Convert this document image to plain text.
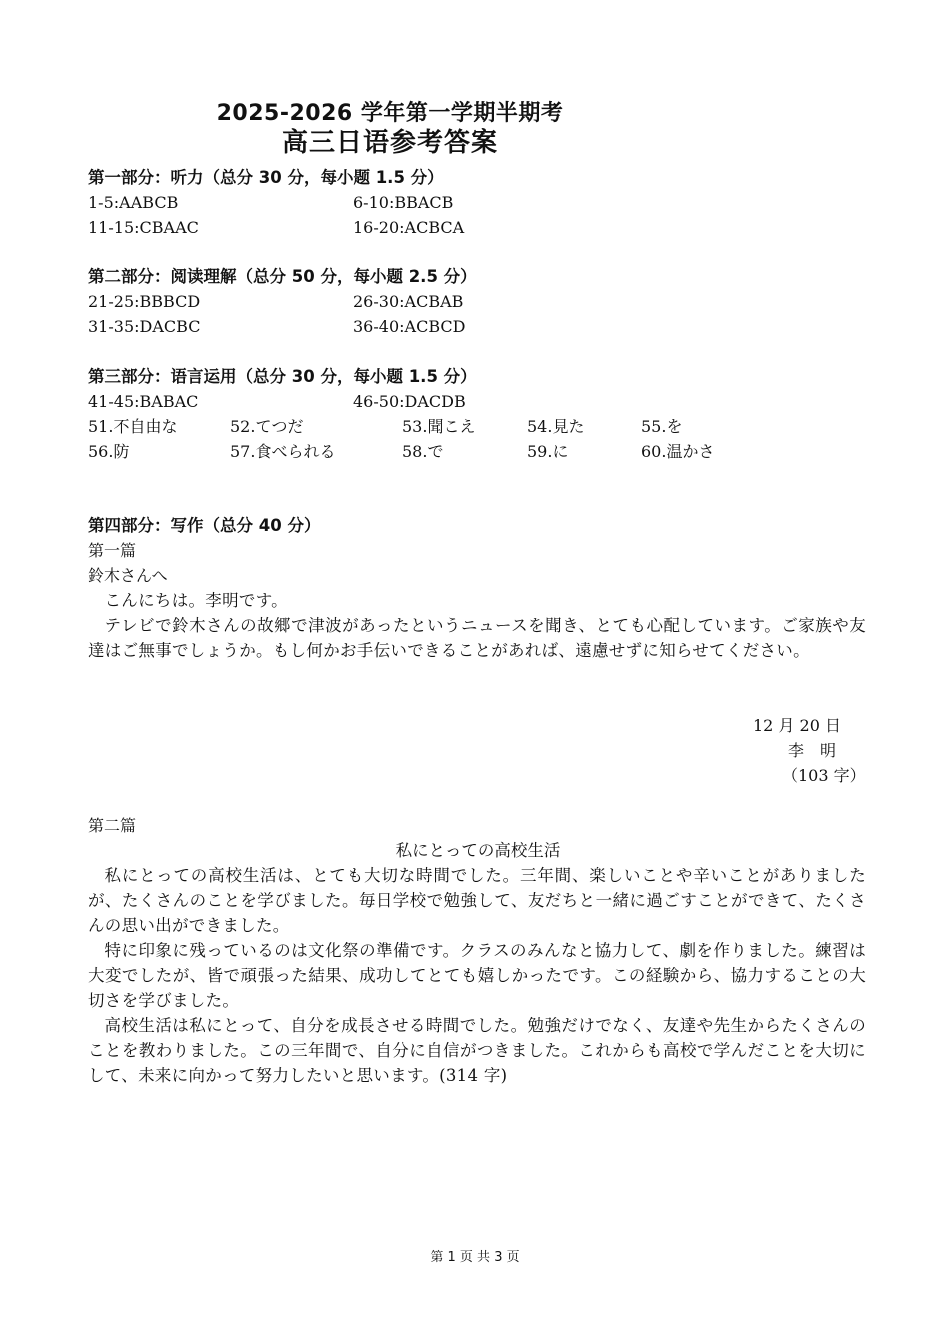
2025-2026 学年第一学期半期考
高三日语参考答案
第一部分：听力（总分 30 分，每小题 1.5 分）
1-5:AABCB	6-10:BBACB
11-15:CBAAC	16-20:ACBCA
第二部分：阅读理解（总分 50 分，每小题 2.5 分）
21-25:BBBCD	26-30:ACBAB
31-35:DACBC	36-40:ACBCD
第三部分：语言运用（总分 30 分，每小题 1.5 分）
41-45:BABAC	46-50:DACDB
51.不自由な	52.てつだ	53.聞こえ	54.見た	55.を
56.防	57.食べられる	58.で	59.に	60.温かさ
第四部分：写作（总分 40 分）
第一篇
鈴木さんへ
こんにちは。李明です。
テレビで鈴木さんの故郷で津波があったというニュースを聞き、とても心配しています。ご家族や友達はご無事でしょうか。もし何かお手伝いできることがあれば、遠慮せずに知らせてください。
12 月 20 日
李　明
（103 字）
第二篇
私にとっての高校生活
私にとっての高校生活は、とても大切な時間でした。三年間、楽しいことや辛いことがありましたが、たくさんのことを学びました。毎日学校で勉強して、友だちと一緒に過ごすことができて、たくさんの思い出ができました。
特に印象に残っているのは文化祭の準備です。クラスのみんなと協力して、劇を作りました。練習は大変でしたが、皆で頑張った結果、成功してとても嬉しかったです。この経験から、協力することの大切さを学びました。
高校生活は私にとって、自分を成長させる時間でした。勉強だけでなく、友達や先生からたくさんのことを教わりました。この三年間で、自分に自信がつきました。これからも高校で学んだことを大切にして、未来に向かって努力したいと思います。(314 字)
第 1 页 共 3 页
